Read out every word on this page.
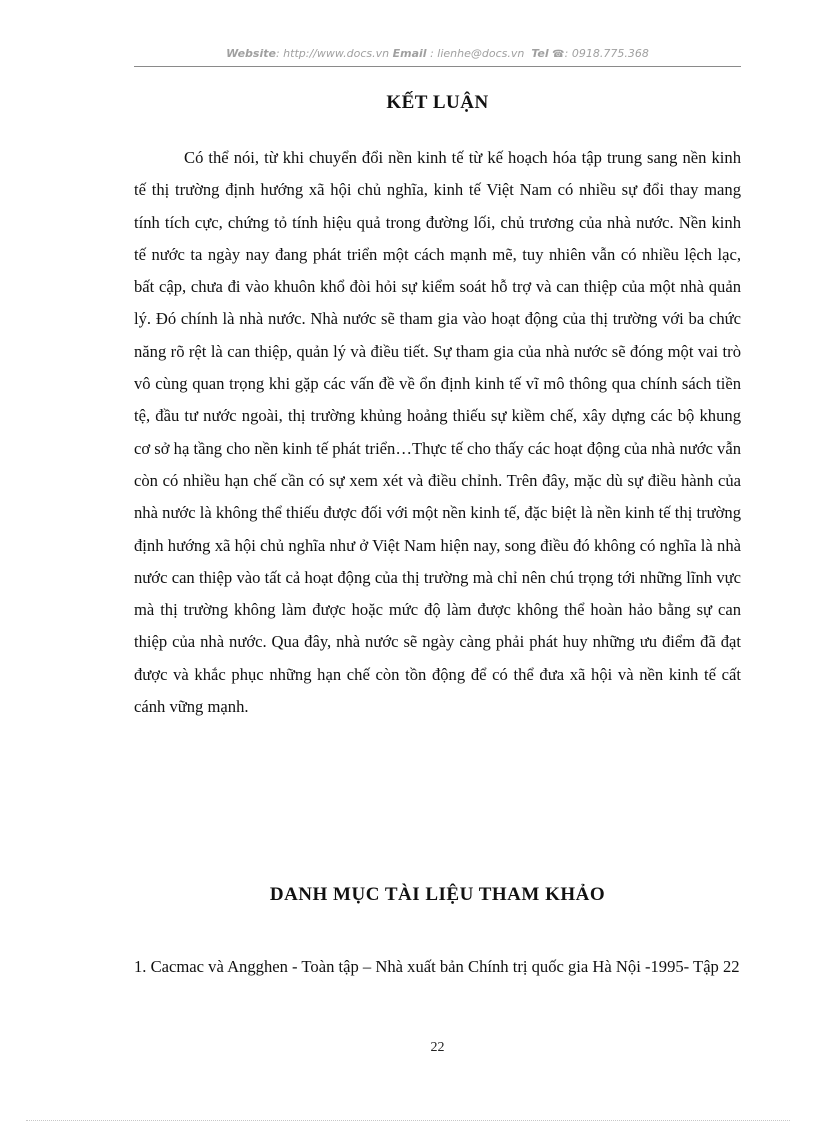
Website: http://www.docs.vn Email : lienhe@docs.vn Tel ☎: 0918.775.368
KẾT LUẬN

Có thể nói, từ khi chuyển đổi nền kinh tế từ kế hoạch hóa tập trung sang nền kinh tế thị trường định hướng xã hội chủ nghĩa, kinh tế Việt Nam có nhiều sự đổi thay mang tính tích cực, chứng tỏ tính hiệu quả trong đường lối, chủ trương của nhà nước. Nền kinh tế nước ta ngày nay đang phát triển một cách mạnh mẽ, tuy nhiên vẫn có nhiều lệch lạc, bất cập, chưa đi vào khuôn khổ đòi hỏi sự kiểm soát hỗ trợ và can thiệp của một nhà quản lý. Đó chính là nhà nước. Nhà nước sẽ tham gia vào hoạt động của thị trường với ba chức năng rõ rệt là can thiệp, quản lý và điều tiết. Sự tham gia của nhà nước sẽ đóng một vai trò vô cùng quan trọng khi gặp các vấn đề về ổn định kinh tế vĩ mô thông qua chính sách tiền tệ, đầu tư nước ngoài, thị trường khủng hoảng thiếu sự kiềm chế, xây dựng các bộ khung cơ sở hạ tầng cho nền kinh tế phát triển…Thực tế cho thấy các hoạt động của nhà nước vẫn còn có nhiều hạn chế cần có sự xem xét và điều chỉnh. Trên đây, mặc dù sự điều hành của nhà nước là không thể thiếu được đối với một nền kinh tế, đặc biệt là nền kinh tế thị trường định hướng xã hội chủ nghĩa như ở Việt Nam hiện nay, song điều đó không có nghĩa là nhà nước can thiệp vào tất cả hoạt động của thị trường mà chỉ nên chú trọng tới những lĩnh vực mà thị trường không làm được hoặc mức độ làm được không thể hoàn hảo bằng sự can thiệp của nhà nước. Qua đây, nhà nước sẽ ngày càng phải phát huy những ưu điểm đã đạt được và khắc phục những hạn chế còn tồn động để có thể đưa xã hội và nền kinh tế cất cánh vững mạnh.

DANH MỤC TÀI LIỆU THAM KHẢO

1. Cacmac và Angghen - Toàn tập – Nhà xuất bản Chính trị quốc gia Hà Nội -1995- Tập 22

22
